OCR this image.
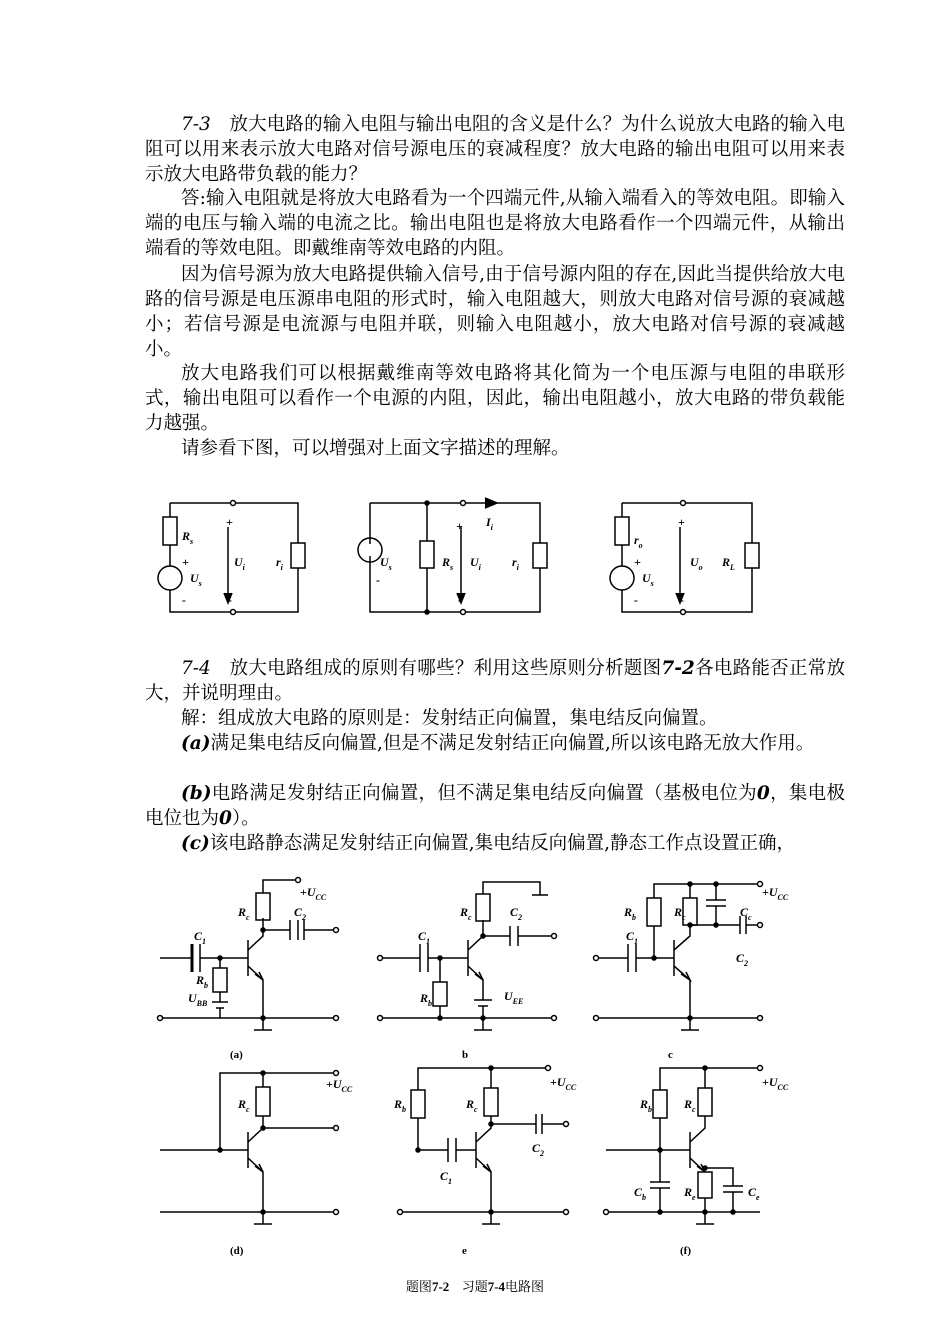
7-3  放大电路的输入电阻与输出电阻的含义是什么？为什么说放大电路的输入电阻可以用来表示放大电路对信号源电压的衰减程度？放大电路的输出电阻可以用来表示放大电路带负载的能力？
答:输入电阻就是将放大电路看为一个四端元件,从输入端看入的等效电阻。即输入端的电压与输入端的电流之比。输出电阻也是将放大电路看作一个四端元件，从输出端看的等效电阻。即戴维南等效电路的内阻。
因为信号源为放大电路提供输入信号,由于信号源内阻的存在,因此当提供给放大电路的信号源是电压源串电阻的形式时，输入电阻越大，则放大电路对信号源的衰减越小；若信号源是电流源与电阻并联，则输入电阻越小，放大电路对信号源的衰减越小。
放大电路我们可以根据戴维南等效电路将其化简为一个电压源与电阻的串联形式，输出电阻可以看作一个电源的内阻，因此，输出电阻越小，放大电路的带负载能力越强。
请参看下图，可以增强对上面文字描述的理解。
$R_s$
+
$U_s$
-
+
$U_i$
-
$r_i$	$U_s$
-
$R_s$
+
$U_i$
-
$I_i$
$r_i$
$r_o$
+
$U_s$
-
+
$U_o$
-
$R_L$
$+U_{CC}$
$R_c$	$C_2$
$C_1$
$R_b$
$U_{BB}$
(a)
$R_c$	$C_2$
$C_1$
$R_b$
$U_{EE}$
b
$+U_{CC}$
$R_b$	$R_c$	$C_c$
$C_1$
$C_2$
c
$+U_{CC}$
$R_c$
(d)
$+U_{CC}$
$R_b$	$R_c$
$C_2$
$C_1$
e
$+U_{CC}$
$R_b$	$R_c$
$C_b$	$R_e$	$C_e$
(f)
7-4  放大电路组成的原则有哪些？利用这些原则分析题图7-2各电路能否正常放大，并说明理由。
解：组成放大电路的原则是：发射结正向偏置，集电结反向偏置。
(a)满足集电结反向偏置,但是不满足发射结正向偏置,所以该电路无放大作用。
(b)电路满足发射结正向偏置，但不满足集电结反向偏置（基极电位为0，集电极电位也为0）。
(c)该电路静态满足发射结正向偏置,集电结反向偏置,静态工作点设置正确，
题图7-2 习题7-4电路图
